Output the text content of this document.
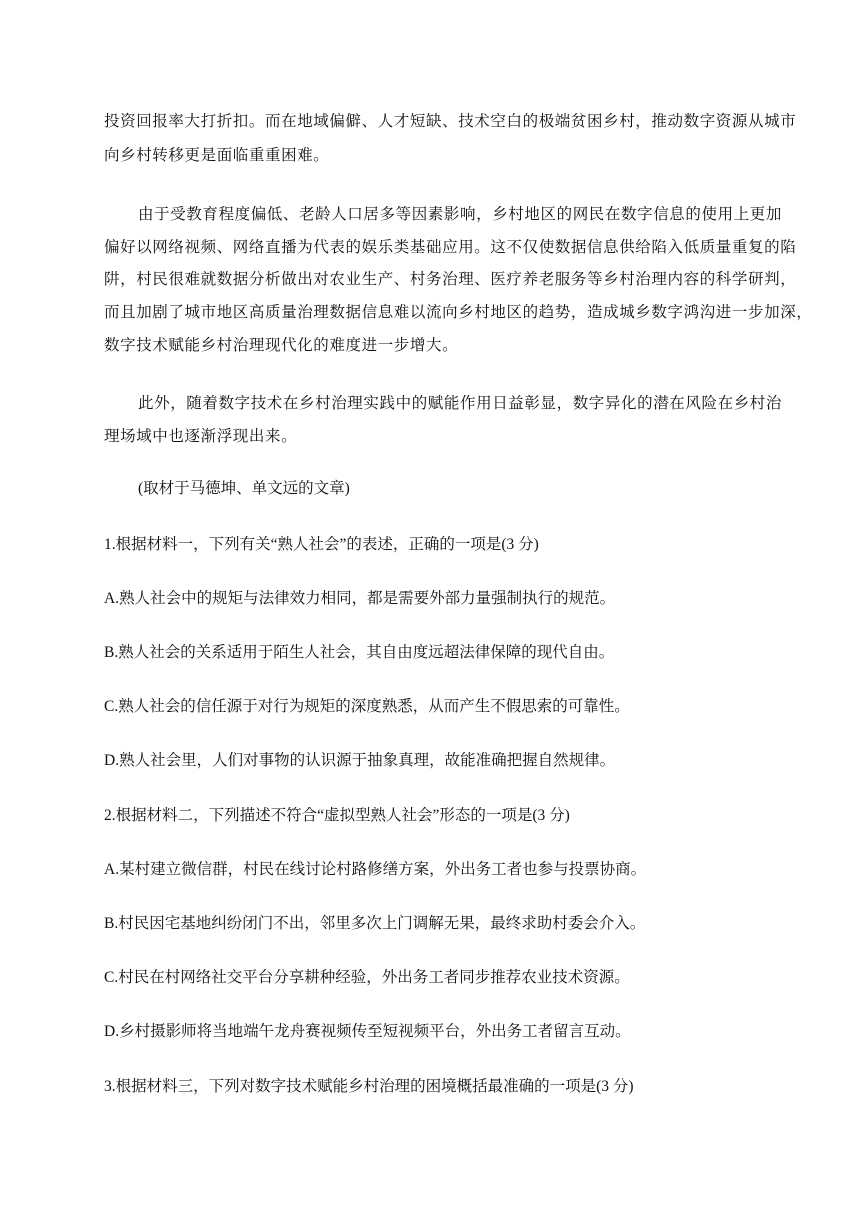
投资回报率大打折扣。而在地域偏僻、人才短缺、技术空白的极端贫困乡村，推动数字资源从城市
向乡村转移更是面临重重困难。
由于受教育程度偏低、老龄人口居多等因素影响，乡村地区的网民在数字信息的使用上更加
偏好以网络视频、网络直播为代表的娱乐类基础应用。这不仅使数据信息供给陷入低质量重复的陷
阱，村民很难就数据分析做出对农业生产、村务治理、医疗养老服务等乡村治理内容的科学研判，
而且加剧了城市地区高质量治理数据信息难以流向乡村地区的趋势，造成城乡数字鸿沟进一步加深，
数字技术赋能乡村治理现代化的难度进一步增大。
此外，随着数字技术在乡村治理实践中的赋能作用日益彰显，数字异化的潜在风险在乡村治
理场域中也逐渐浮现出来。
(取材于马德坤、单文远的文章)
1.根据材料一，下列有关“熟人社会”的表述，正确的一项是(3 分)
A.熟人社会中的规矩与法律效力相同，都是需要外部力量强制执行的规范。
B.熟人社会的关系适用于陌生人社会，其自由度远超法律保障的现代自由。
C.熟人社会的信任源于对行为规矩的深度熟悉，从而产生不假思索的可靠性。
D.熟人社会里，人们对事物的认识源于抽象真理，故能准确把握自然规律。
2.根据材料二，下列描述不符合“虚拟型熟人社会”形态的一项是(3 分)
A.某村建立微信群，村民在线讨论村路修缮方案，外出务工者也参与投票协商。
B.村民因宅基地纠纷闭门不出，邻里多次上门调解无果，最终求助村委会介入。
C.村民在村网络社交平台分享耕种经验，外出务工者同步推荐农业技术资源。
D.乡村摄影师将当地端午龙舟赛视频传至短视频平台，外出务工者留言互动。
3.根据材料三，下列对数字技术赋能乡村治理的困境概括最准确的一项是(3 分)
